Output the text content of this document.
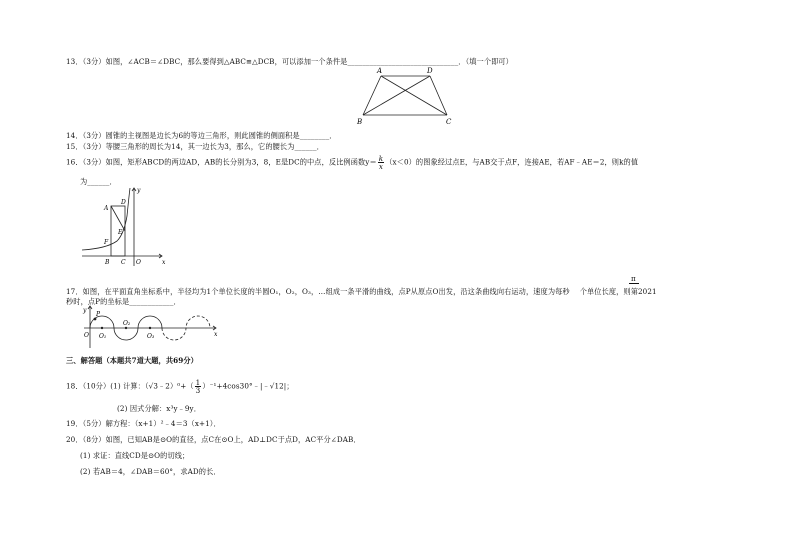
13．（3分）如图，∠ACB＝∠DBC，那么要得到△ABC≌△DCB，可以添加一个条件是______________________________．（填一个即可）
A	D
B	C
14．（3分）圆锥的主视图是边长为6的等边三角形，则此圆锥的侧面积是________．
15．（3分）等腰三角形的周长为14，其一边长为3，那么，它的腰长为______．
16．（3分）如图，矩形ABCD的两边AD，AB的长分别为3，8，E是DC的中点，反比例函数$y= \frac{k}{x} (x<0)$的图象经过点E，与AB交于点F，连接AE，若AF﹣AE＝2，则k的值
为______．
y
x
A
D
E
F
B C O
π
17．如图，在平面直角坐标系中，半径均为1个单位长度的半圆O₁，O₂，O₃，…组成一条平滑的曲线，点P从原点O出发，沿这条曲线向右运动，速度为每秒 个单位长度，则第2021
秒时，点P的坐标是____________．
y
x
P
O O₁
O₂
O₃
三、解答题（本题共7道大题，共69分）
18．（10分）(1) 计算：（√3﹣2）⁰+（ $\frac{1}{3}$ ）⁻¹+4cos30°﹣|﹣√12|；
(2) 因式分解：x³y﹣9y．
19．（5分）解方程：（x+1）²﹣4＝3（x+1）．
20．（8分）如图，已知AB是⊙O的直径，点C在⊙O上，AD⊥DC于点D，AC平分∠DAB．
(1) 求证：直线CD是⊙O的切线；
(2) 若AB＝4，∠DAB＝60°，求AD的长．
